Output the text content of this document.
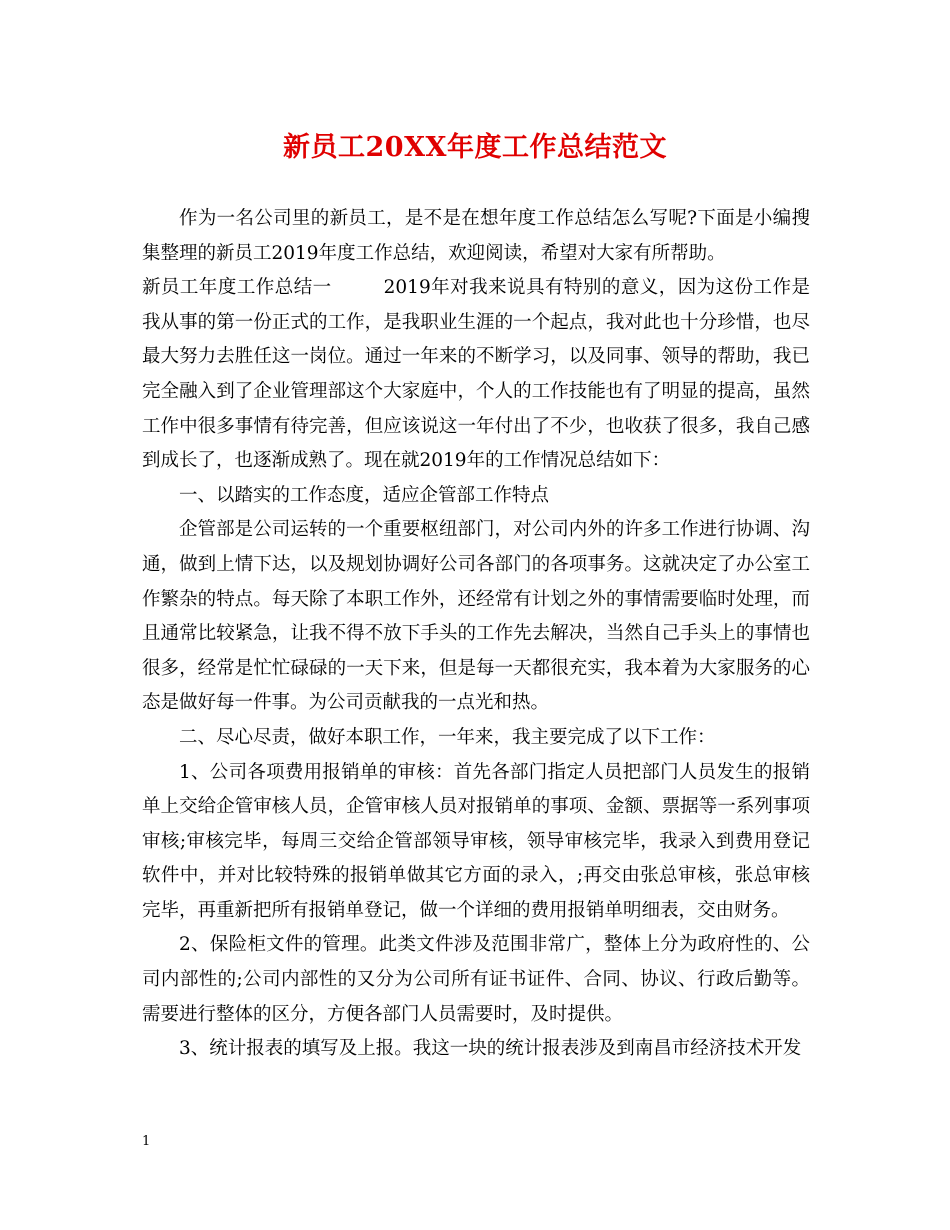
新员工20XX年度工作总结范文

作为一名公司里的新员工，是不是在想年度工作总结怎么写呢?下面是小编搜集整理的新员工2019年度工作总结，欢迎阅读，希望对大家有所帮助。

新员工年度工作总结一	2019年对我来说具有特别的意义，因为这份工作是我从事的第一份正式的工作，是我职业生涯的一个起点，我对此也十分珍惜，也尽最大努力去胜任这一岗位。通过一年来的不断学习，以及同事、领导的帮助，我已完全融入到了企业管理部这个大家庭中，个人的工作技能也有了明显的提高，虽然工作中很多事情有待完善，但应该说这一年付出了不少，也收获了很多，我自己感到成长了，也逐渐成熟了。现在就2019年的工作情况总结如下：

一、以踏实的工作态度，适应企管部工作特点

企管部是公司运转的一个重要枢纽部门，对公司内外的许多工作进行协调、沟通，做到上情下达，以及规划协调好公司各部门的各项事务。这就决定了办公室工作繁杂的特点。每天除了本职工作外，还经常有计划之外的事情需要临时处理，而且通常比较紧急，让我不得不放下手头的工作先去解决，当然自己手头上的事情也很多，经常是忙忙碌碌的一天下来，但是每一天都很充实，我本着为大家服务的心态是做好每一件事。为公司贡献我的一点光和热。

二、尽心尽责，做好本职工作，一年来，我主要完成了以下工作：

1、公司各项费用报销单的审核：首先各部门指定人员把部门人员发生的报销单上交给企管审核人员，企管审核人员对报销单的事项、金额、票据等一系列事项审核;审核完毕，每周三交给企管部领导审核，领导审核完毕，我录入到费用登记软件中，并对比较特殊的报销单做其它方面的录入，;再交由张总审核，张总审核完毕，再重新把所有报销单登记，做一个详细的费用报销单明细表，交由财务。

2、保险柜文件的管理。此类文件涉及范围非常广，整体上分为政府性的、公司内部性的;公司内部性的又分为公司所有证书证件、合同、协议、行政后勤等。需要进行整体的区分，方便各部门人员需要时，及时提供。

3、统计报表的填写及上报。我这一块的统计报表涉及到南昌市经济技术开发

1
